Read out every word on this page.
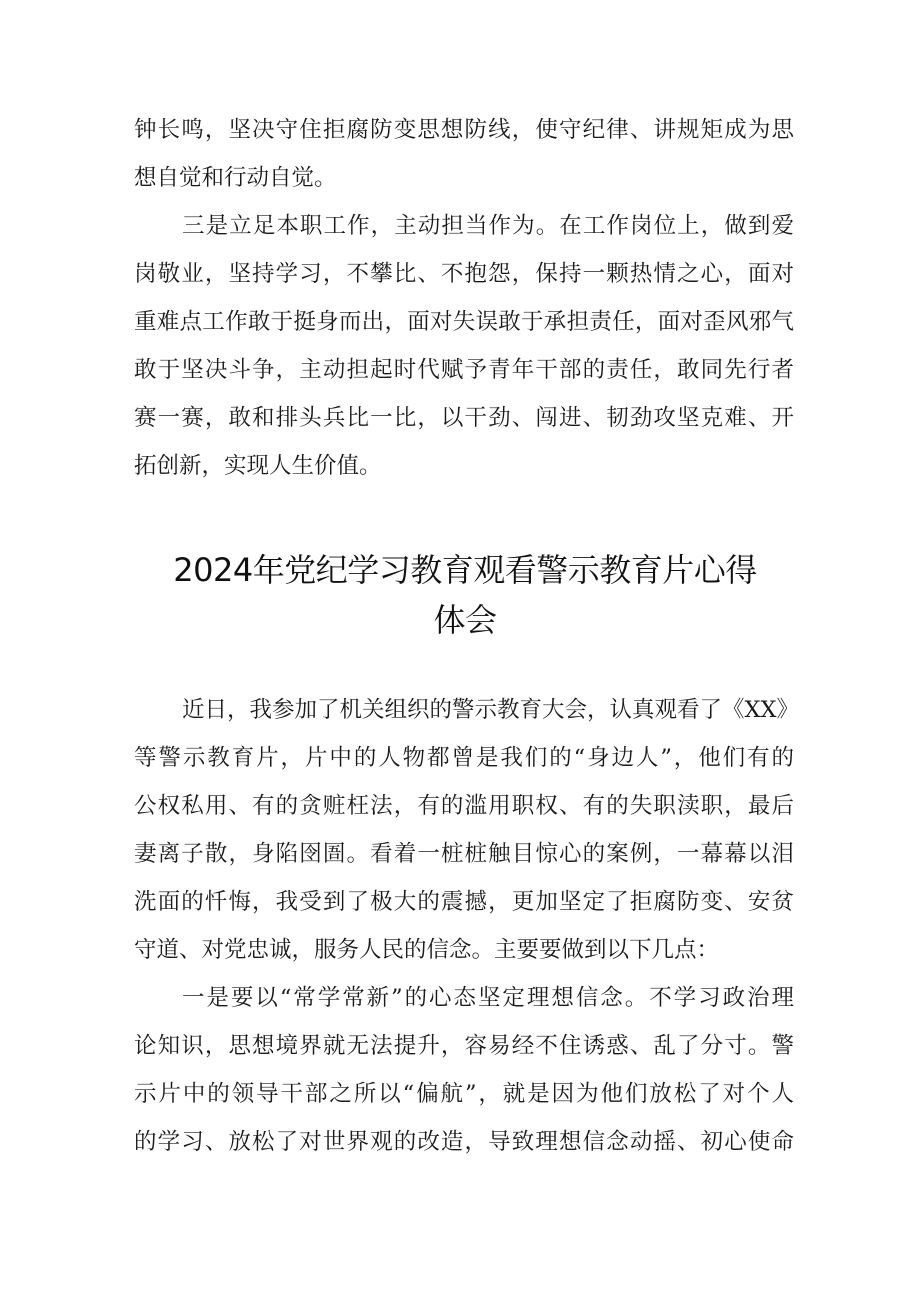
钟长鸣，坚决守住拒腐防变思想防线，使守纪律、讲规矩成为思
想自觉和行动自觉。
三是立足本职工作，主动担当作为。在工作岗位上，做到爱
岗敬业，坚持学习，不攀比、不抱怨，保持一颗热情之心，面对
重难点工作敢于挺身而出，面对失误敢于承担责任，面对歪风邪气
敢于坚决斗争，主动担起时代赋予青年干部的责任，敢同先行者
赛一赛，敢和排头兵比一比，以干劲、闯进、韧劲攻坚克难、开
拓创新，实现人生价值。
2024年党纪学习教育观看警示教育片心得
体会
近日，我参加了机关组织的警示教育大会，认真观看了《XX》
等警示教育片，片中的人物都曾是我们的“身边人”，他们有的
公权私用、有的贪赃枉法，有的滥用职权、有的失职渎职，最后
妻离子散，身陷囹圄。看着一桩桩触目惊心的案例，一幕幕以泪
洗面的忏悔，我受到了极大的震撼，更加坚定了拒腐防变、安贫
守道、对党忠诚，服务人民的信念。主要要做到以下几点：
一是要以“常学常新”的心态坚定理想信念。不学习政治理
论知识，思想境界就无法提升，容易经不住诱惑、乱了分寸。警
示片中的领导干部之所以“偏航”，就是因为他们放松了对个人
的学习、放松了对世界观的改造，导致理想信念动摇、初心使命
